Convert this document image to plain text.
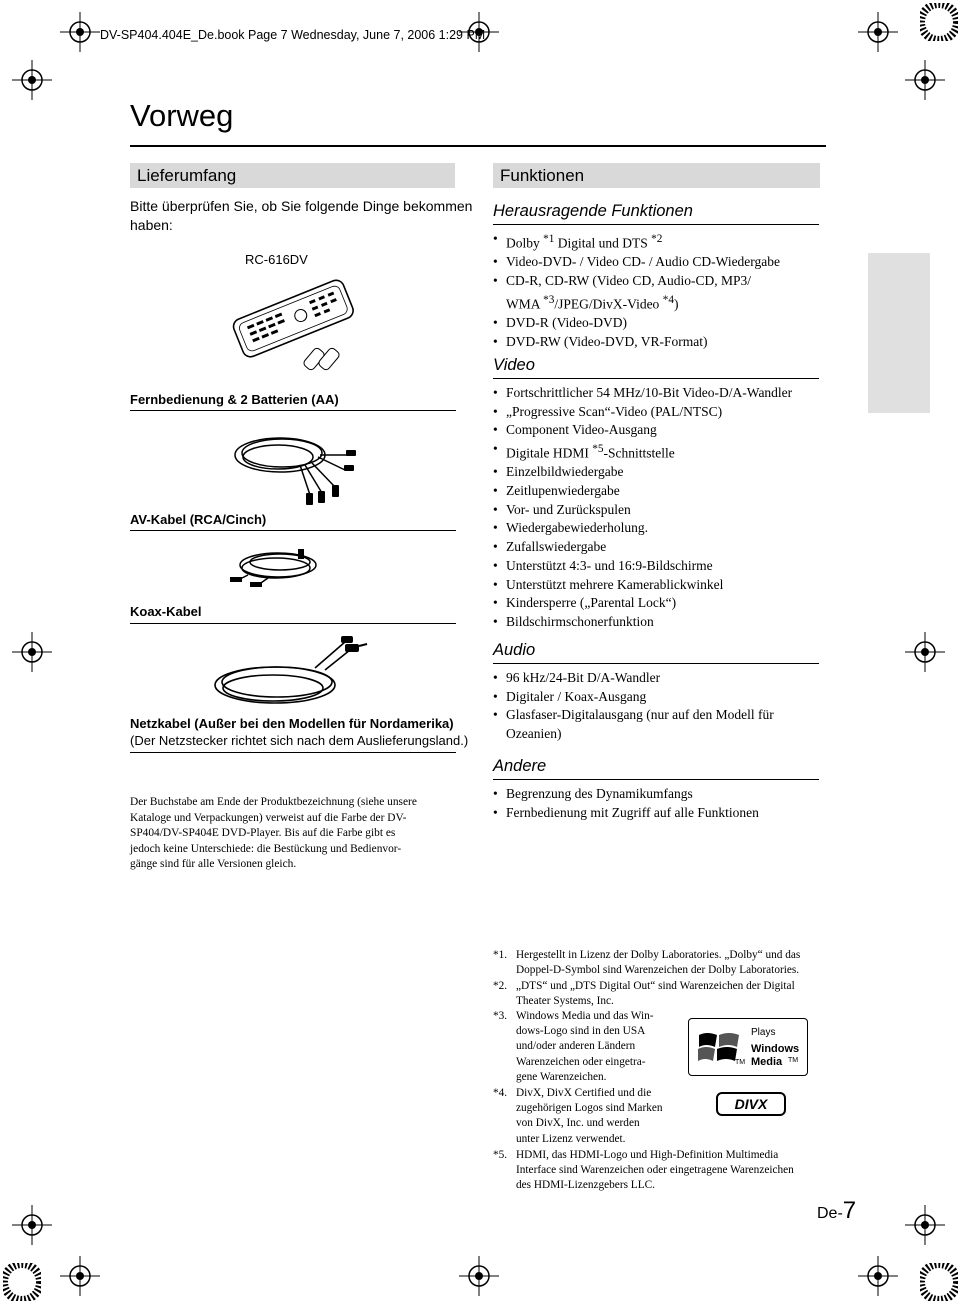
DV-SP404.404E_De.book Page 7 Wednesday, June 7, 2006 1:29 PM
Vorweg
Lieferumfang
Bitte überprüfen Sie, ob Sie folgende Dinge bekommen
haben:
RC-616DV
Fernbedienung & 2 Batterien (AA)
AV-Kabel (RCA/Cinch)
Koax-Kabel
Netzkabel (Außer bei den Modellen für Nordamerika)
(Der Netzstecker richtet sich nach dem Auslieferungsland.)
Der Buchstabe am Ende der Produktbezeichnung (siehe unsere
Kataloge und Verpackungen) verweist auf die Farbe der DV-
SP404/DV-SP404E DVD-Player. Bis auf die Farbe gibt es
jedoch keine Unterschiede: die Bestückung und Bedienvor-
gänge sind für alle Versionen gleich.
Funktionen
Herausragende Funktionen
• Dolby $^{*1}$ Digital und DTS $^{*2}$
• Video-DVD- / Video CD- / Audio CD-Wiedergabe
• CD-R, CD-RW (Video CD, Audio-CD, MP3/
WMA $^{*3}$/JPEG/DivX-Video $^{*4}$)
• DVD-R (Video-DVD)
• DVD-RW (Video-DVD, VR-Format)
Video
• Fortschrittlicher 54 MHz/10-Bit Video-D/A-Wandler
• „Progressive Scan“-Video (PAL/NTSC)
• Component Video-Ausgang
• Digitale HDMI $^{*5}$-Schnittstelle
• Einzelbildwiedergabe
• Zeitlupenwiedergabe
• Vor- und Zurückspulen
• Wiedergabewiederholung.
• Zufallswiedergabe
• Unterstützt 4:3- und 16:9-Bildschirme
• Unterstützt mehrere Kamerablickwinkel
• Kindersperre („Parental Lock“)
• Bildschirmschonerfunktion
Audio
• 96 kHz/24-Bit D/A-Wandler
• Digitaler / Koax-Ausgang
• Glasfaser-Digitalausgang (nur auf den Modell für
Ozeanien)
Andere
• Begrenzung des Dynamikumfangs
• Fernbedienung mit Zugriff auf alle Funktionen
*1. Hergestellt in Lizenz der Dolby Laboratories. „Dolby“ und das
Doppel-D-Symbol sind Warenzeichen der Dolby Laboratories.
*2. „DTS“ und „DTS Digital Out“ sind Warenzeichen der Digital
Theater Systems, Inc.
*3. Windows Media und das Win-
dows-Logo sind in den USA
und/oder anderen Ländern
Warenzeichen oder eingetra-
gene Warenzeichen.
*4. DivX, DivX Certified und die
zugehörigen Logos sind Marken
von DivX, Inc. und werden
unter Lizenz verwendet.
*5. HDMI, das HDMI-Logo und High-Definition Multimedia
Interface sind Warenzeichen oder eingetragene Warenzeichen
des HDMI-Lizenzgebers LLC.
TM
Plays
Windows
Media TM
DIVX
De-7
